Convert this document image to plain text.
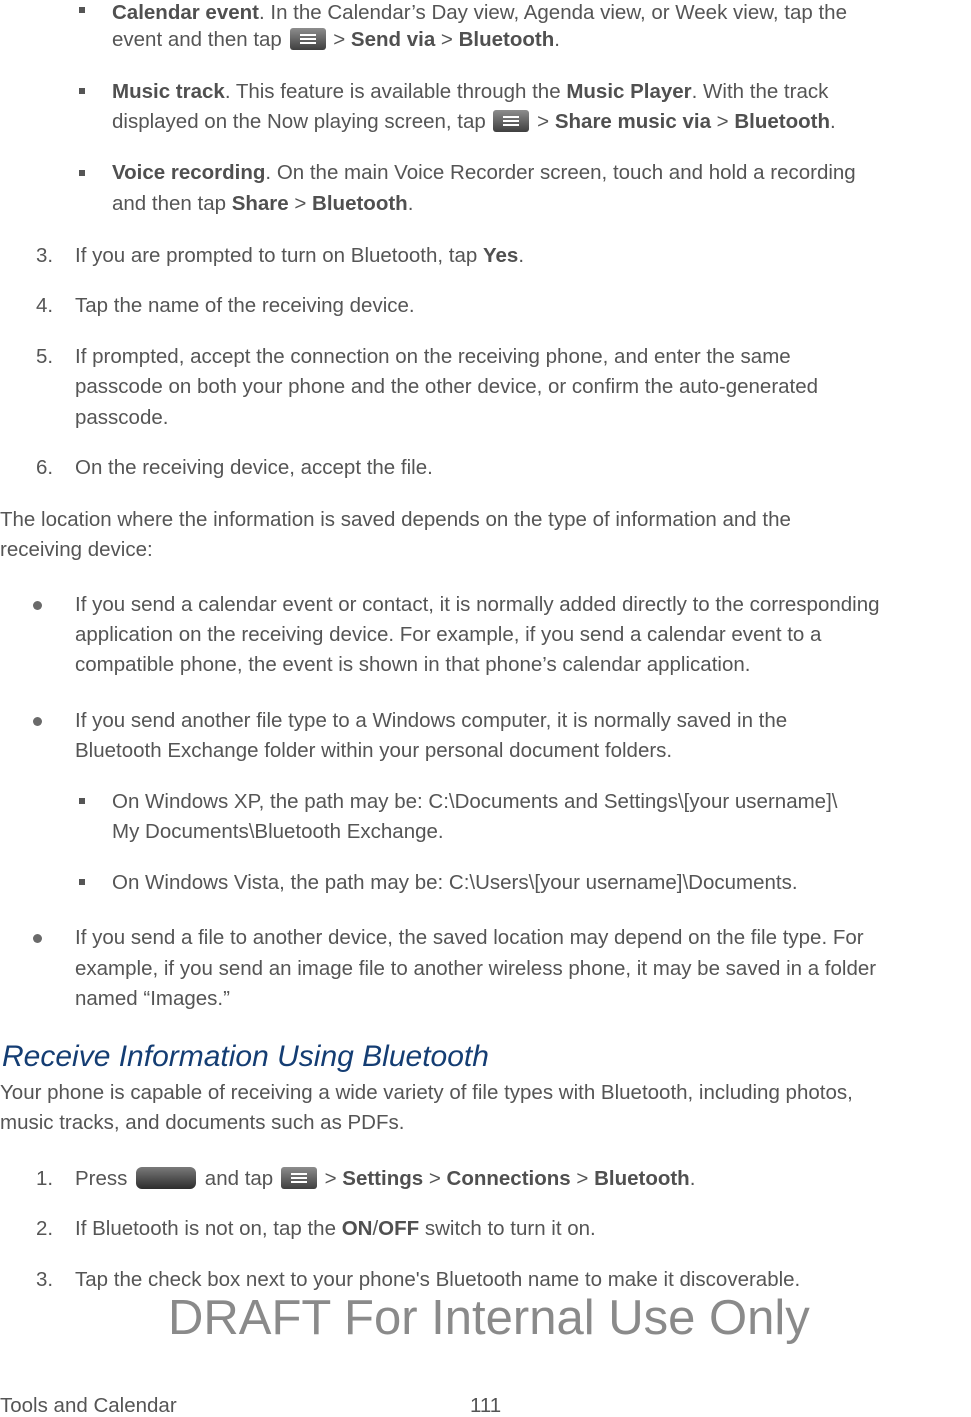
Calendar event. In the Calendar’s Day view, Agenda view, or Week view, tap the
event and then tap  > Send via > Bluetooth.
Music track. This feature is available through the Music Player. With the track
displayed on the Now playing screen, tap  > Share music via > Bluetooth.
Voice recording. On the main Voice Recorder screen, touch and hold a recording
and then tap Share > Bluetooth.
3. If you are prompted to turn on Bluetooth, tap Yes.
4. Tap the name of the receiving device.
5. If prompted, accept the connection on the receiving phone, and enter the same
passcode on both your phone and the other device, or confirm the auto-generated
passcode.
6. On the receiving device, accept the file.
The location where the information is saved depends on the type of information and the
receiving device:
If you send a calendar event or contact, it is normally added directly to the corresponding
application on the receiving device. For example, if you send a calendar event to a
compatible phone, the event is shown in that phone’s calendar application.
If you send another file type to a Windows computer, it is normally saved in the
Bluetooth Exchange folder within your personal document folders.
On Windows XP, the path may be: C:\Documents and Settings\[your username]\
My Documents\Bluetooth Exchange.
On Windows Vista, the path may be: C:\Users\[your username]\Documents.
If you send a file to another device, the saved location may depend on the file type. For
example, if you send an image file to another wireless phone, it may be saved in a folder
named “Images.”
Receive Information Using Bluetooth
Your phone is capable of receiving a wide variety of file types with Bluetooth, including photos,
music tracks, and documents such as PDFs.
1. Press	and tap  > Settings > Connections > Bluetooth.
2. If Bluetooth is not on, tap the ON/OFF switch to turn it on.
3. Tap the check box next to your phone's Bluetooth name to make it discoverable.
DRAFT For Internal Use Only
Tools and Calendar	111
